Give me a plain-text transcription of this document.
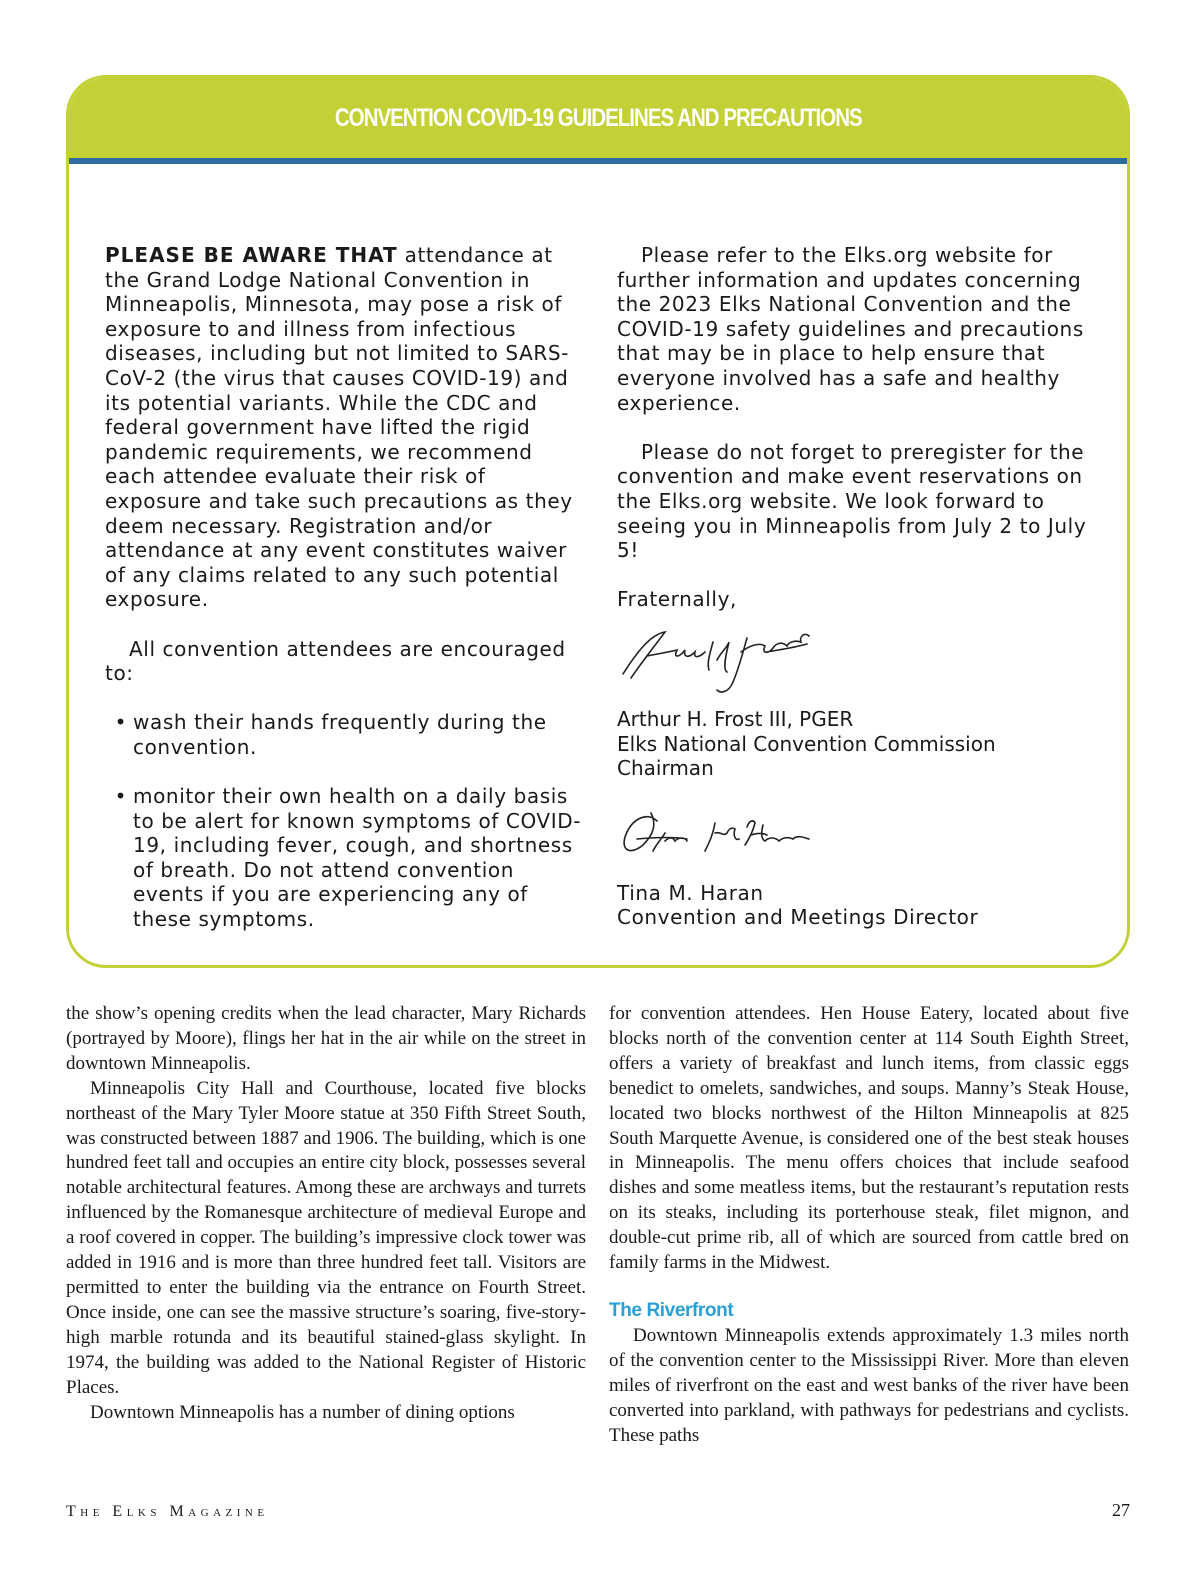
CONVENTION COVID-19 GUIDELINES AND PRECAUTIONS

PLEASE BE AWARE THAT attendance at the Grand Lodge National Convention in Minneapolis, Minnesota, may pose a risk of exposure to and illness from infectious diseases, including but not limited to SARS-CoV-2 (the virus that causes COVID-19) and its potential variants. While the CDC and federal government have lifted the rigid pandemic requirements, we recommend each attendee evaluate their risk of exposure and take such precautions as they deem necessary. Registration and/or attendance at any event constitutes waiver of any claims related to any such potential exposure.

All convention attendees are encouraged to:

• wash their hands frequently during the convention.
• monitor their own health on a daily basis to be alert for known symptoms of COVID-19, including fever, cough, and shortness of breath. Do not attend convention events if you are experiencing any of these symptoms.

Please refer to the Elks.org website for further information and updates concerning the 2023 Elks National Convention and the COVID-19 safety guidelines and precautions that may be in place to help ensure that everyone involved has a safe and healthy experience.

Please do not forget to preregister for the convention and make event reservations on the Elks.org website. We look forward to seeing you in Minneapolis from July 2 to July 5!

Fraternally,

Arthur H. Frost III, PGER

Elks National Convention Commission Chairman

Tina M. Haran

Convention and Meetings Director

the show’s opening credits when the lead character, Mary Richards (portrayed by Moore), flings her hat in the air while on the street in downtown Minneapolis.

Minneapolis City Hall and Courthouse, located five blocks northeast of the Mary Tyler Moore statue at 350 Fifth Street South, was constructed between 1887 and 1906. The building, which is one hundred feet tall and occupies an entire city block, possesses several notable architectural features. Among these are archways and turrets influenced by the Romanesque architecture of medieval Europe and a roof covered in copper. The building’s impressive clock tower was added in 1916 and is more than three hundred feet tall. Visitors are permitted to enter the building via the entrance on Fourth Street. Once inside, one can see the massive structure’s soaring, five-story-high marble rotunda and its beautiful stained-glass skylight. In 1974, the building was added to the National Register of Historic Places.

Downtown Minneapolis has a number of dining options

for convention attendees. Hen House Eatery, located about five blocks north of the convention center at 114 South Eighth Street, offers a variety of breakfast and lunch items, from classic eggs benedict to omelets, sandwiches, and soups. Manny’s Steak House, located two blocks northwest of the Hilton Minneapolis at 825 South Marquette Avenue, is considered one of the best steak houses in Minneapolis. The menu offers choices that include seafood dishes and some meatless items, but the restaurant’s reputation rests on its steaks, including its porterhouse steak, filet mignon, and double-cut prime rib, all of which are sourced from cattle bred on family farms in the Midwest.

The Riverfront

Downtown Minneapolis extends approximately 1.3 miles north of the convention center to the Mississippi River. More than eleven miles of riverfront on the east and west banks of the river have been converted into parkland, with pathways for pedestrians and cyclists. These paths

The Elks Magazine	27
